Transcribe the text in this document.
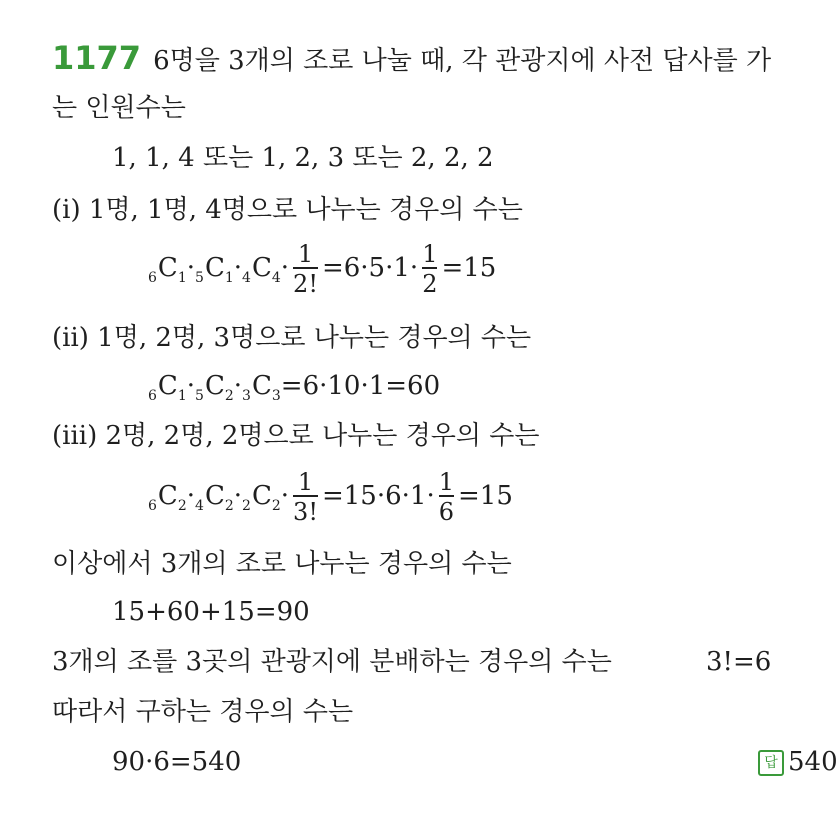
1177 6명을 3개의 조로 나눌 때, 각 관광지에 사전 답사를 가
는 인원수는
1, 1, 4 또는 1, 2, 3 또는 2, 2, 2
(ⅰ) 1명, 1명, 4명으로 나누는 경우의 수는
$_6C_1\cdot_5C_1\cdot_4C_4\cdot \frac{1}{2!} =6\cdot 5\cdot 1\cdot \frac{1}{2} =15$
(ⅱ) 1명, 2명, 3명으로 나누는 경우의 수는
$_6C_1\cdot_5C_2\cdot_3C_3=6\cdot 10\cdot 1=60$
(ⅲ) 2명, 2명, 2명으로 나누는 경우의 수는
$_6C_2\cdot_4C_2\cdot_2C_2\cdot \frac{1}{3!} =15\cdot 6\cdot 1\cdot \frac{1}{6} =15$
이상에서 3개의 조로 나누는 경우의 수는
15+60+15=90
3개의 조를 3곳의 관광지에 분배하는 경우의 수는	3!=6
따라서 구하는 경우의 수는
90·6=540	답 540
